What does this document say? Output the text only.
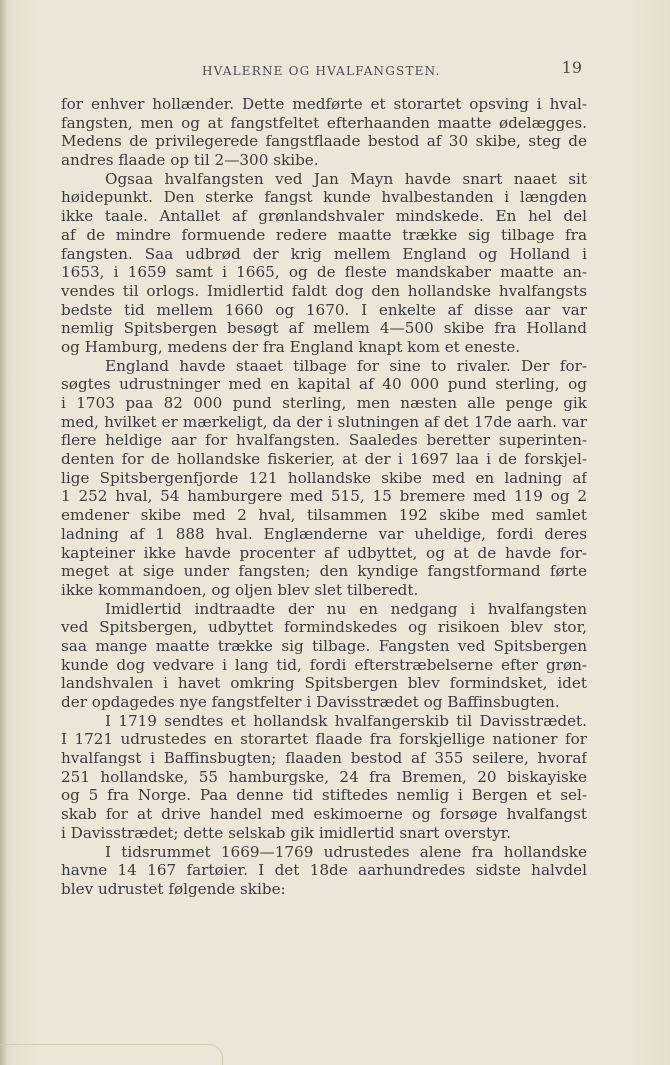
HVALERNE OG HVALFANGSTEN.	19
for enhver hollænder. Dette medførte et storartet opsving i hval-
fangsten, men og at fangstfeltet efterhaanden maatte ødelægges.
Medens de privilegerede fangstflaade bestod af 30 skibe, steg de
andres flaade op til 2—300 skibe.
Ogsaa hvalfangsten ved Jan Mayn havde snart naaet sit
høidepunkt. Den sterke fangst kunde hvalbestanden i længden
ikke taale. Antallet af grønlandshvaler mindskede. En hel del
af de mindre formuende redere maatte trække sig tilbage fra
fangsten. Saa udbrød der krig mellem England og Holland i
1653, i 1659 samt i 1665, og de fleste mandskaber maatte an-
vendes til orlogs. Imidlertid faldt dog den hollandske hvalfangsts
bedste tid mellem 1660 og 1670. I enkelte af disse aar var
nemlig Spitsbergen besøgt af mellem 4—500 skibe fra Holland
og Hamburg, medens der fra England knapt kom et eneste.
England havde staaet tilbage for sine to rivaler. Der for-
søgtes udrustninger med en kapital af 40 000 pund sterling, og
i 1703 paa 82 000 pund sterling, men næsten alle penge gik
med, hvilket er mærkeligt, da der i slutningen af det 17de aarh. var
flere heldige aar for hvalfangsten. Saaledes beretter superinten-
denten for de hollandske fiskerier, at der i 1697 laa i de forskjel-
lige Spitsbergenfjorde 121 hollandske skibe med en ladning af
1 252 hval, 54 hamburgere med 515, 15 bremere med 119 og 2
emdener skibe med 2 hval, tilsammen 192 skibe med samlet
ladning af 1 888 hval. Englænderne var uheldige, fordi deres
kapteiner ikke havde procenter af udbyttet, og at de havde for-
meget at sige under fangsten; den kyndige fangstformand førte
ikke kommandoen, og oljen blev slet tilberedt.
Imidlertid indtraadte der nu en nedgang i hvalfangsten
ved Spitsbergen, udbyttet formindskedes og risikoen blev stor,
saa mange maatte trække sig tilbage. Fangsten ved Spitsbergen
kunde dog vedvare i lang tid, fordi efterstræbelserne efter grøn-
landshvalen i havet omkring Spitsbergen blev formindsket, idet
der opdagedes nye fangstfelter i Davisstrædet og Baffinsbugten.
I 1719 sendtes et hollandsk hvalfangerskib til Davisstrædet.
I 1721 udrustedes en storartet flaade fra forskjellige nationer for
hvalfangst i Baffinsbugten; flaaden bestod af 355 seilere, hvoraf
251 hollandske, 55 hamburgske, 24 fra Bremen, 20 biskayiske
og 5 fra Norge. Paa denne tid stiftedes nemlig i Bergen et sel-
skab for at drive handel med eskimoerne og forsøge hvalfangst
i Davisstrædet; dette selskab gik imidlertid snart overstyr.
I tidsrummet 1669—1769 udrustedes alene fra hollandske
havne 14 167 fartøier. I det 18de aarhundredes sidste halvdel
blev udrustet følgende skibe:
